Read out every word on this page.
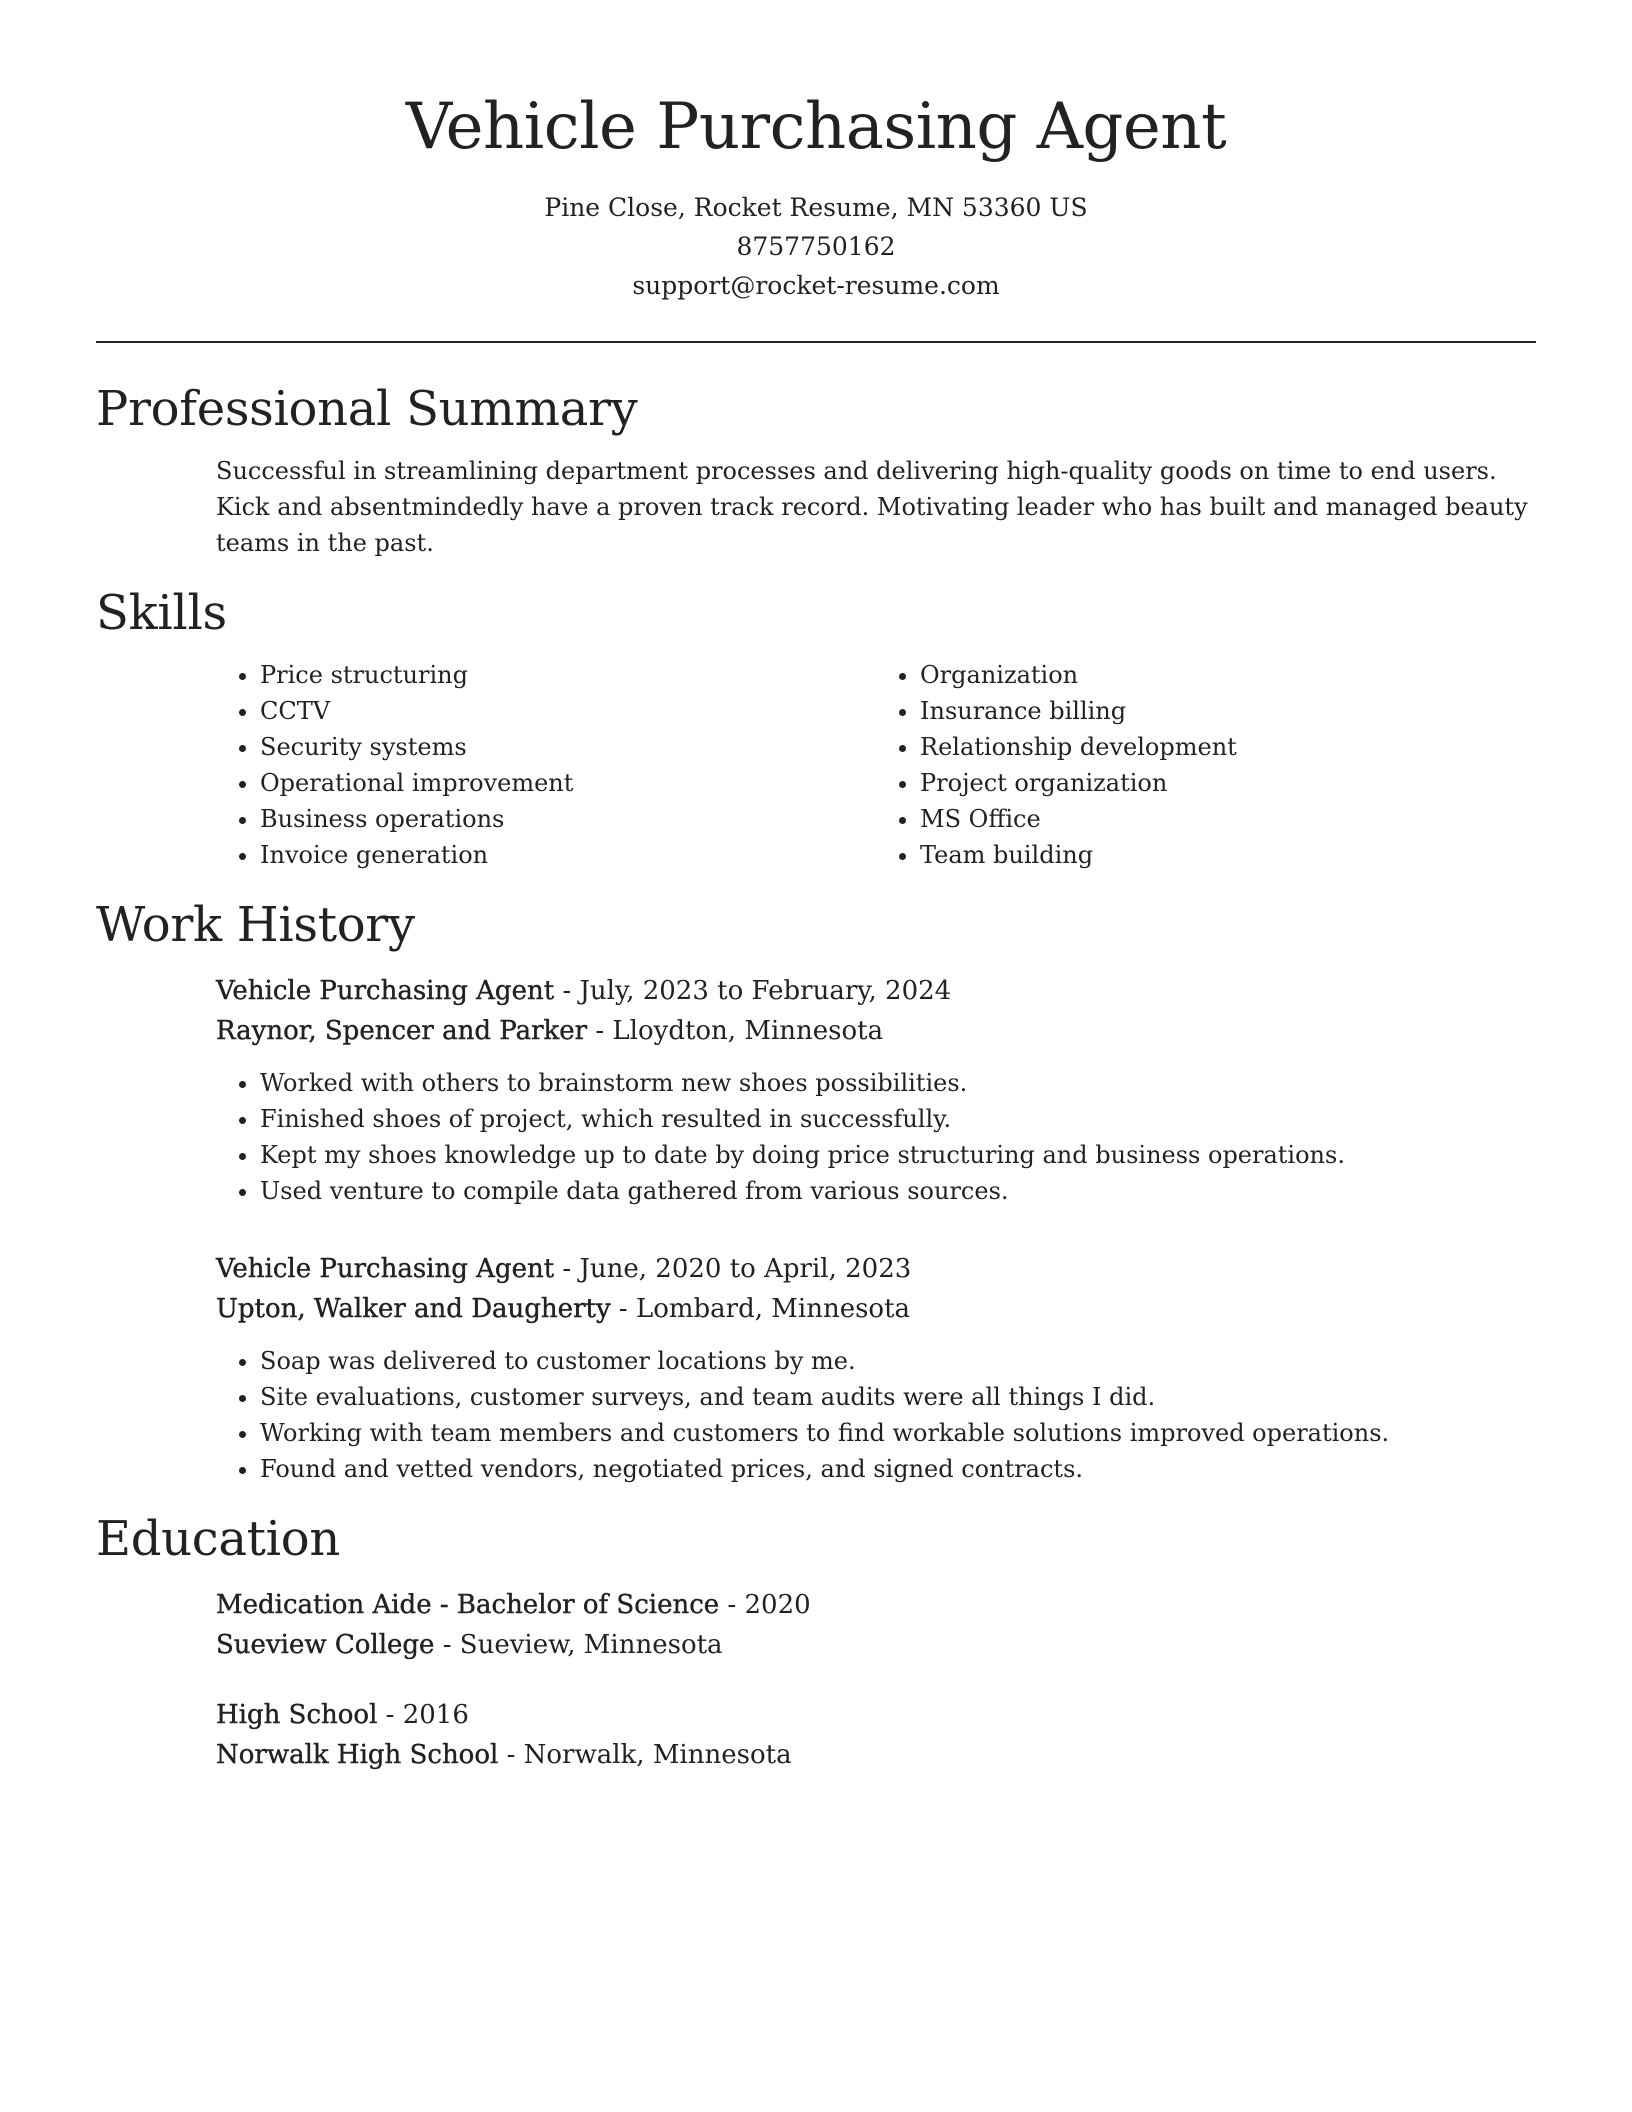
Vehicle Purchasing Agent

Pine Close, Rocket Resume, MN 53360 US

8757750162

support@rocket-resume.com

Professional Summary

Successful in streamlining department processes and delivering high-quality goods on time to end users. Kick and absentmindedly have a proven track record. Motivating leader who has built and managed beauty teams in the past.

Skills
• Price structuring
• CCTV
• Security systems
• Operational improvement
• Business operations
• Invoice generation
• Organization
• Insurance billing
• Relationship development
• Project organization
• MS Office
• Team building
Work History

Vehicle Purchasing Agent - July, 2023 to February, 2024

Raynor, Spencer and Parker - Lloydton, Minnesota

• Worked with others to brainstorm new shoes possibilities.
• Finished shoes of project, which resulted in successfully.
• Kept my shoes knowledge up to date by doing price structuring and business operations.
• Used venture to compile data gathered from various sources.

Vehicle Purchasing Agent - June, 2020 to April, 2023

Upton, Walker and Daugherty - Lombard, Minnesota

• Soap was delivered to customer locations by me.
• Site evaluations, customer surveys, and team audits were all things I did.
• Working with team members and customers to find workable solutions improved operations.
• Found and vetted vendors, negotiated prices, and signed contracts.
Education

Medication Aide - Bachelor of Science - 2020

Sueview College - Sueview, Minnesota

High School - 2016

Norwalk High School - Norwalk, Minnesota
